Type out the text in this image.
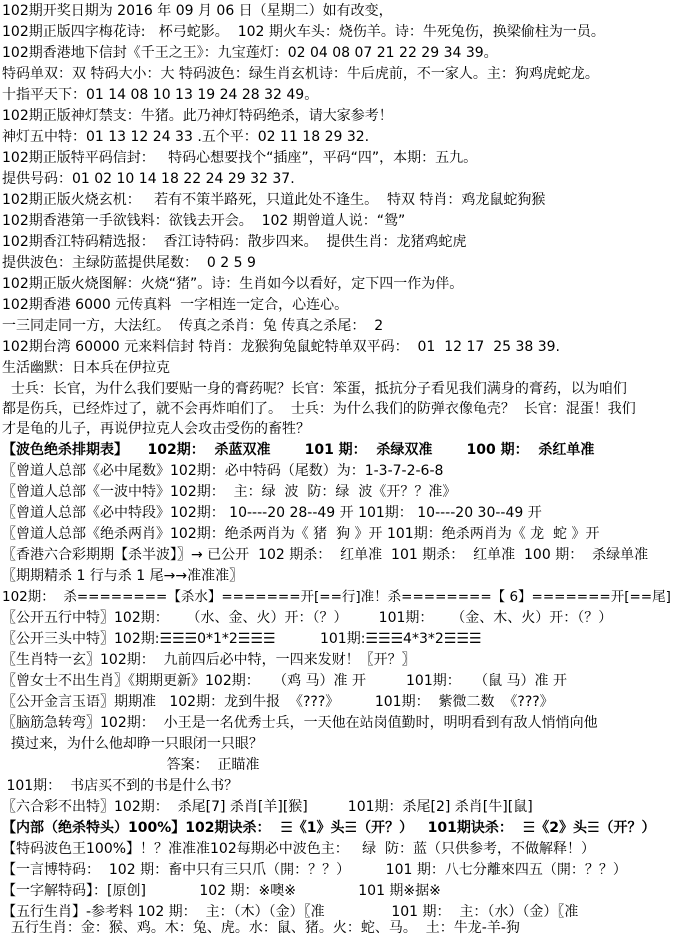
102期开奖日期为 2016 年 09 月 06 日（星期二）如有改变，
102期正版四字梅花诗:   杯弓蛇影。  102 期火车头：烧伤羊。诗：牛死兔伤，换梁偷柱为一员。
102期香港地下信封《千王之王》：九宝莲灯：02 04 08 07 21 22 29 34 39。
特码单双：双 特码大小：大 特码波色：绿生肖玄机诗：牛后虎前，不一家人。主：狗鸡虎蛇龙。
十指平天下：01 14 08 10 13 19 24 28 32 49。
102期正版神灯禁支：牛猪。此乃神灯特码绝杀，请大家参考！
神灯五中特：01 13 12 24 33 .五个平：02 11 18 29 32.
102期正版特平码信封：   特码心想要找个“插座”，平码“四”，本期：五九。
提供号码：01 02 10 14 18 22 24 29 32 37.
102期正版火烧玄机：   若有不策半路死，只道此处不逢生。  特双 特肖：鸡龙鼠蛇狗猴
102期香港第一手欲钱料：欲钱去开会。  102 期曾道人说：“鸳”
102期香江特码精选报：  香江诗特码：散步四来。  提供生肖：龙猪鸡蛇虎
提供波色：主绿防蓝提供尾数：  0 2 5 9
102期正版火烧图解：火烧“猪”。诗：生肖如今以看好，定下四一作为伴。
102期香港 6000 元传真料  一字相连一定合，心连心。
一三同走同一方，大法红。  传真之杀肖：兔 传真之杀尾：  2
102期台湾 60000 元来料信封 特肖：龙猴狗兔鼠蛇特单双平码：  01  12 17  25 38 39.
生活幽默：日本兵在伊拉克
士兵：长官，为什么我们要贴一身的膏药呢？长官：笨蛋，抵抗分子看见我们满身的膏药，以为咱们
都是伤兵，已经炸过了，就不会再炸咱们了。  士兵：为什么我们的防弹衣像龟壳？  长官：混蛋！我们
才是龟的儿子，再说伊拉克人会攻击受伤的畜牲？
【波色绝杀排期表】    102期：  杀蓝双准       101 期：  杀绿双准       100 期：  杀红单准
〖曾道人总部《必中尾数》102期：必中特码（尾数）为：1-3-7-2-6-8
〖曾道人总部《一波中特》102期：  主：绿  波  防：绿  波《开？？准》
〖曾道人总部《必中特段》102期： 10----20 28--49 开 101期： 10----20 30--49 开
〖曾道人总部《绝杀两肖》102期：绝杀两肖为《 猪  狗 》开 101期：绝杀两肖为《 龙  蛇 》开
〖香港六合彩期期【杀半波】〗→ 已公开  102 期杀：  红单准  101 期杀：  红单准  100 期：  杀绿单准
〖期期精杀 1 行与杀 1 尾→→准准准〗
102期：  杀========【杀水】=======开[==行]准！杀========【 6】=======开[==尾]
〖公开五行中特〗102期：    （水、金、火）开：（？）       101期：    （金、木、火）开：（？）
〖公开三头中特〗102期:☰☰☰0*1*2☰☰☰          101期:☰☰☰4*3*2☰☰☰
〖生肖特一玄〗102期：  九前四后必中特，一四来发财！〖开？〗
〖曾女士不出生肖〗《期期更新》102期：   （鸡 马）准 开         101期：   （鼠 马）准 开
〖公开金言玉语〗期期准   102期：龙到牛报  《???》        101期：  紫微二数  《???》
〖脑筋急转弯〗102期：  小王是一名优秀士兵，一天他在站岗值勤时，明明看到有敌人悄悄向他
摸过来，为什么他却睁一只眼闭一只眼？
答案：  正瞄准
101期：  书店买不到的书是什么书？
〖六合彩不出特〗102期：  杀尾[7] 杀肖[羊][猴]         101期：杀尾[2] 杀肖[牛][鼠]
【内部（绝杀特头）100%】102期诀杀：  ☰《1》头☰（开？）   101期诀杀：  ☰《2》头☰（开？）
【特码波色王100%】！？准准准102每期必中波色主：   绿  防：蓝（只供参考，不做解释！）
【一言博特码：  102 期：畜中只有三只爪（開：？？）        101 期：八七分離來四五（開：？？）
【一字解特码】：[原创]            102 期：※噢※              101 期※据※
【五行生肖】-参考料 102 期：  主：（木）（金）〖准               101 期：  主：（水）（金）〖准
五行生肖：金：猴、鸡。木：兔、虎。水：鼠、猪。火：蛇、马。  土：牛龙-羊-狗
